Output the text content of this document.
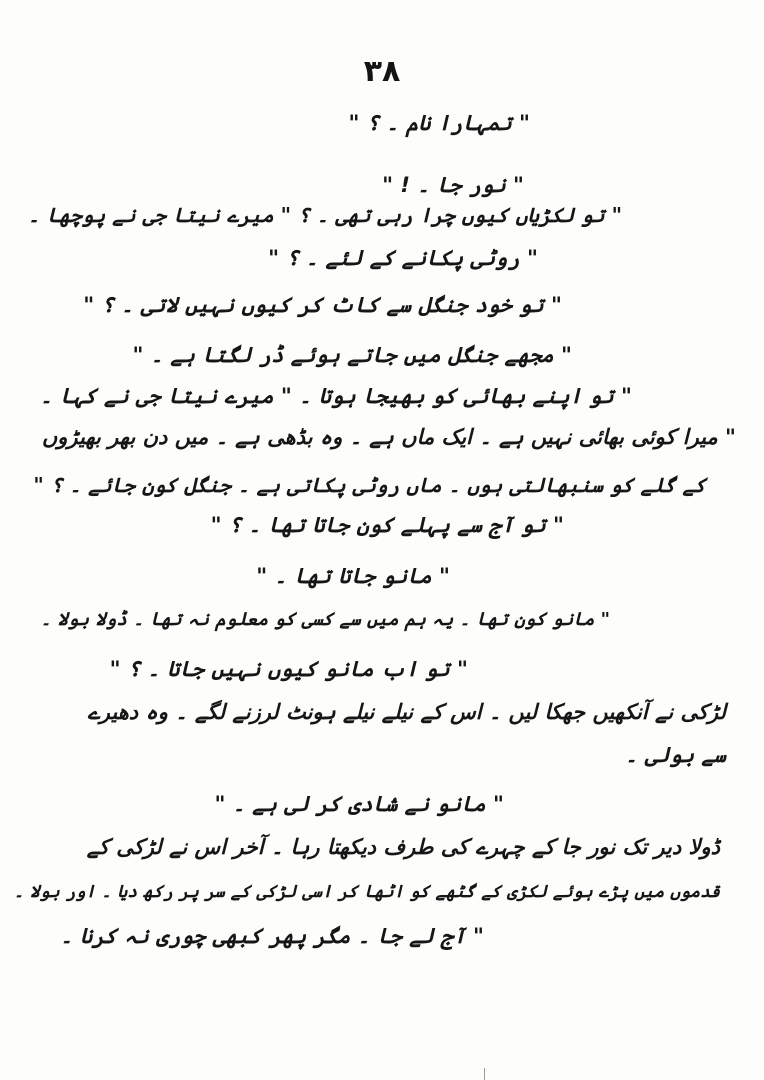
۳۸
" تمہارا نام ۔ ؟ "
" نور جا ۔ ! "
" تو لکڑیاں کیوں چرا رہی تھی ۔ ؟ " میرے نیتا جی نے پوچھا ۔
" روٹی پکانے کے لئے ۔ ؟ "
" تو خود جنگل سے کاٹ کر کیوں نہیں لاتی ۔ ؟ "
" مجھے جنگل میں جاتے ہوئے ڈر لگتا ہے ۔ "
" تو اپنے بھائی کو بھیجا ہوتا ۔ " میرے نیتا جی نے کہا ۔
" میرا کوئی بھائی نہیں ہے ۔ ایک ماں ہے ۔ وہ بڈھی ہے ۔ میں دن بھر بھیڑوں
کے گلے کو سنبھالتی ہوں ۔ ماں روٹی پکاتی ہے ۔ جنگل کون جائے ۔ ؟ "
" تو آج سے پہلے کون جاتا تھا ۔ ؟ "
" مانو جاتا تھا ۔ "
" مانو کون تھا ۔ یہ ہم میں سے کسی کو معلوم نہ تھا ۔ ڈولا بولا ۔
" تو اب مانو کیوں نہیں جاتا ۔ ؟ "
لڑکی نے آنکھیں جھکا لیں ۔ اس کے نیلے نیلے ہونٹ لرزنے لگے ۔ وہ دھیرے
سے بولی ۔
" مانو نے شادی کر لی ہے ۔ "
ڈولا دیر تک نور جا کے چہرے کی طرف دیکھتا رہا ۔ آخر اس نے لڑکی کے
قدموں میں پڑے ہوئے لکڑی کے گٹھے کو اٹھا کر اسی لڑکی کے سر پر رکھ دیا ۔ اور بولا ۔
" آج لے جا ۔ مگر پھر کبھی چوری نہ کرنا ۔
